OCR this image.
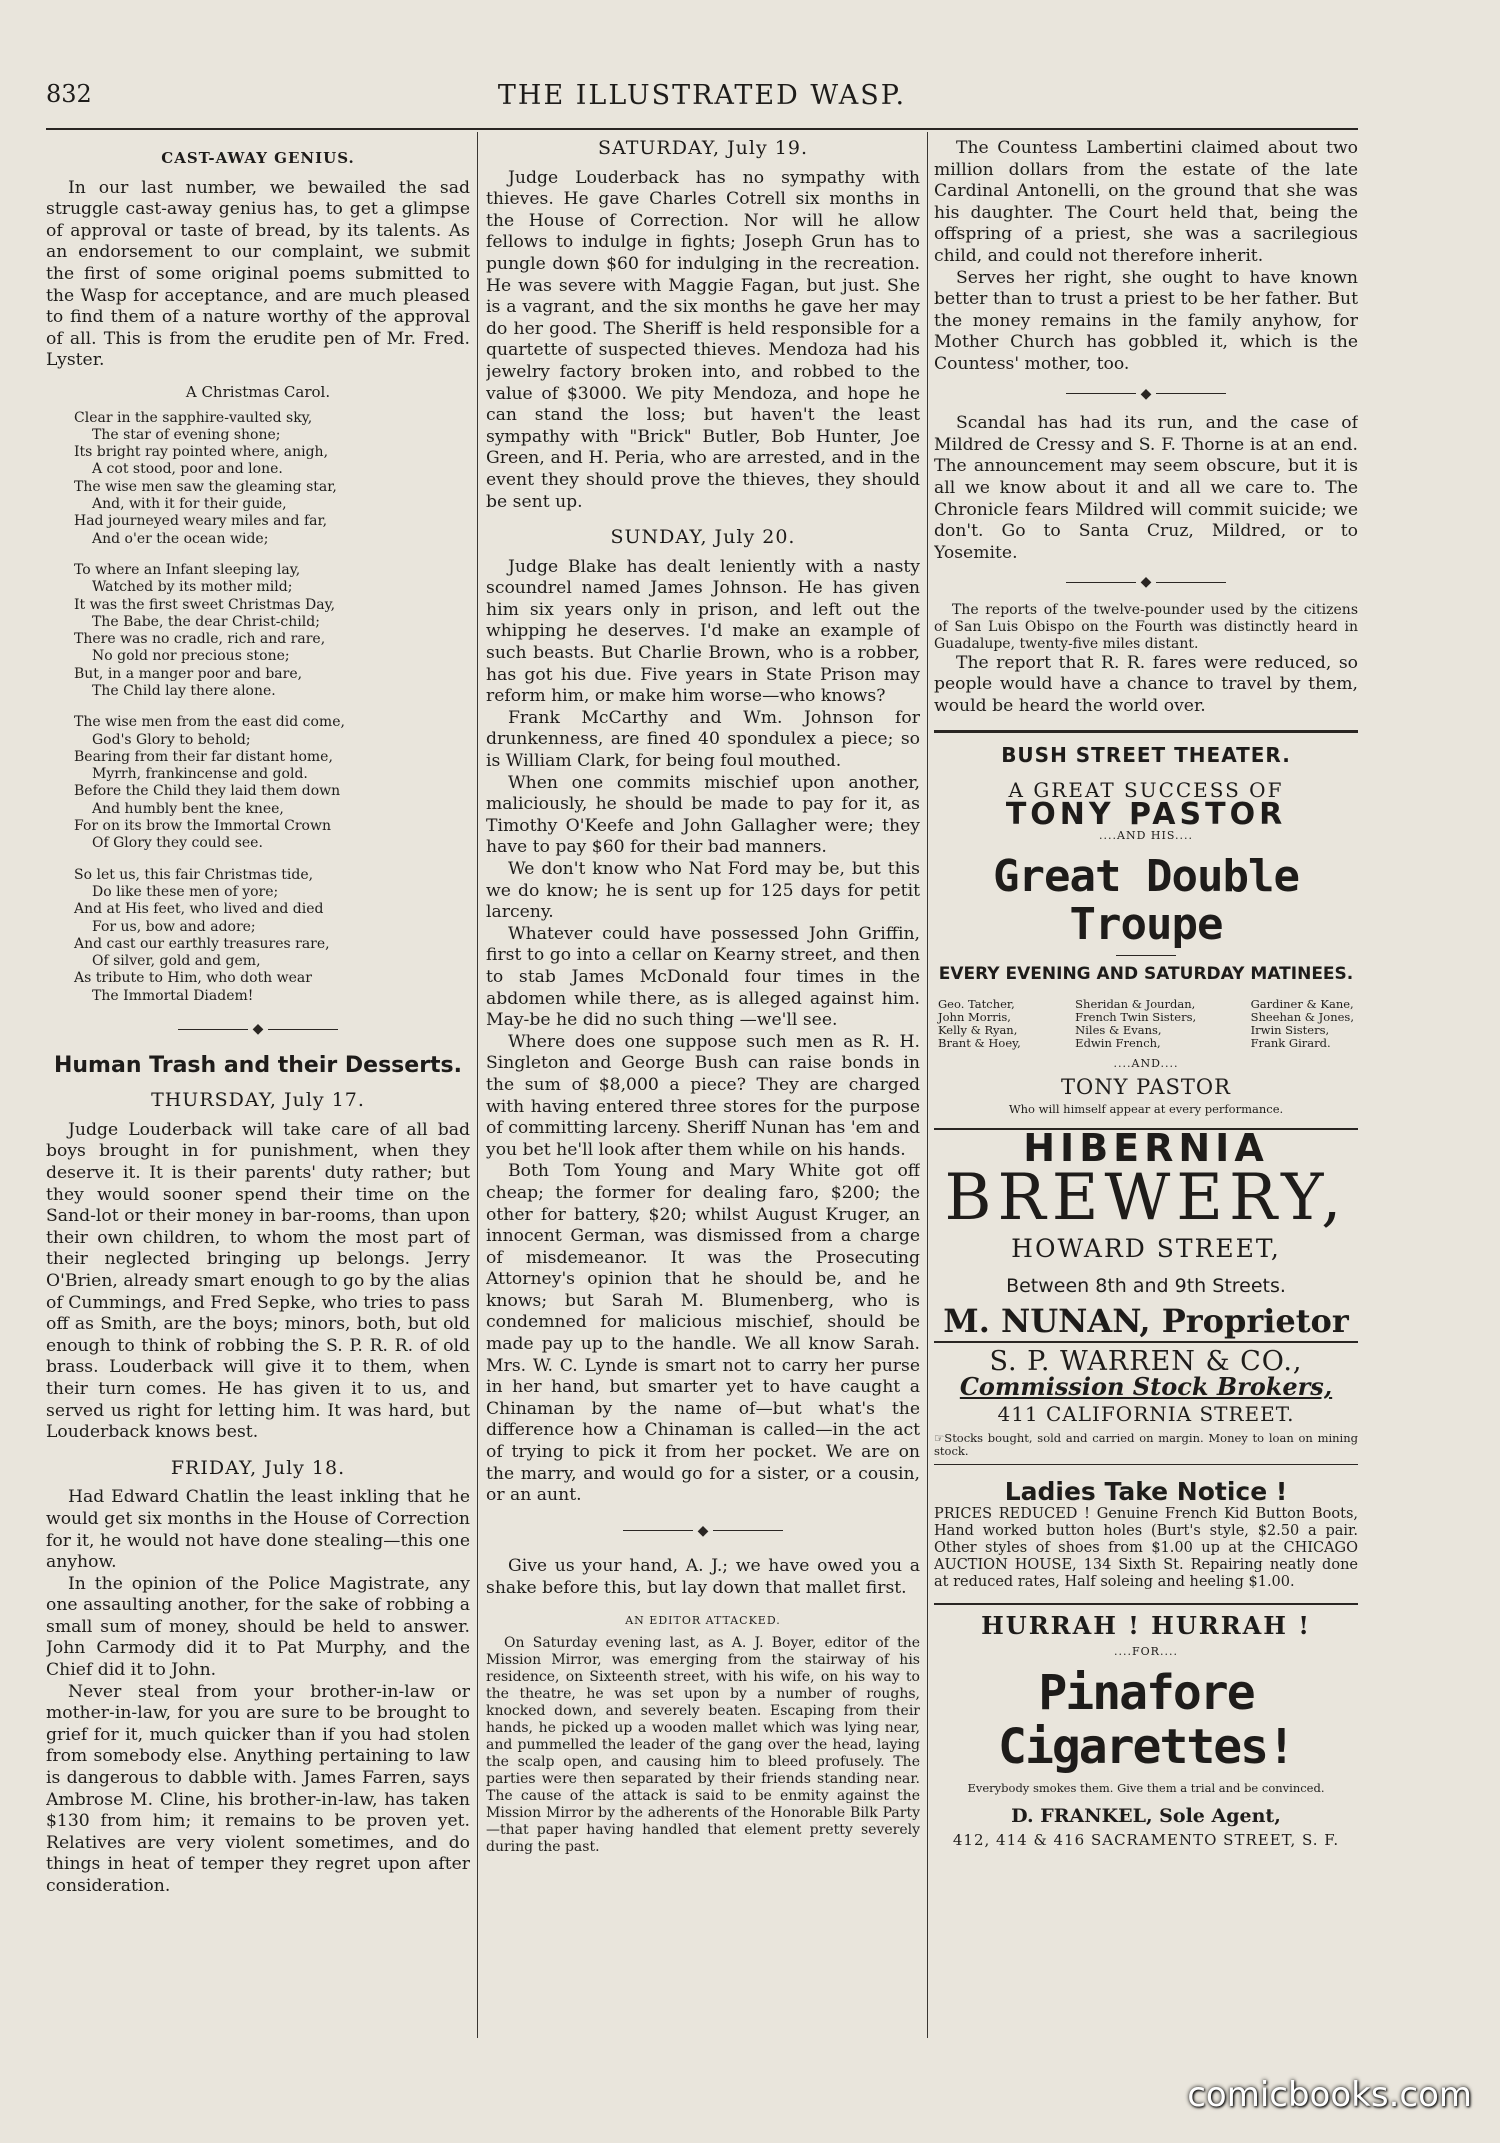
832	THE ILLUSTRATED WASP.

CAST-AWAY GENIUS.

In our last number, we bewailed the sad struggle cast-away genius has, to get a glimpse of approval or taste of bread, by its talents. As an endorsement to our complaint, we submit the first of some original poems submitted to the Wasp for acceptance, and are much pleased to find them of a nature worthy of the approval of all. This is from the erudite pen of Mr. Fred. Lyster.

A Christmas Carol.

Clear in the sapphire-vaulted sky,
The star of evening shone;
Its bright ray pointed where, anigh,
A cot stood, poor and lone.
The wise men saw the gleaming star,
And, with it for their guide,
Had journeyed weary miles and far,
And o'er the ocean wide;
To where an Infant sleeping lay,
Watched by its mother mild;
It was the first sweet Christmas Day,
The Babe, the dear Christ-child;
There was no cradle, rich and rare,
No gold nor precious stone;
But, in a manger poor and bare,
The Child lay there alone.
The wise men from the east did come,
God's Glory to behold;
Bearing from their far distant home,
Myrrh, frankincense and gold.
Before the Child they laid them down
And humbly bent the knee,
For on its brow the Immortal Crown
Of Glory they could see.
So let us, this fair Christmas tide,
Do like these men of yore;
And at His feet, who lived and died
For us, bow and adore;
And cast our earthly treasures rare,
Of silver, gold and gem,
As tribute to Him, who doth wear
The Immortal Diadem!
◆

Human Trash and their Desserts.

THURSDAY, July 17.

Judge Louderback will take care of all bad boys brought in for punishment, when they deserve it. It is their parents' duty rather; but they would sooner spend their time on the Sand-lot or their money in bar-rooms, than upon their own children, to whom the most part of their neglected bringing up belongs. Jerry O'Brien, already smart enough to go by the alias of Cummings, and Fred Sepke, who tries to pass off as Smith, are the boys; minors, both, but old enough to think of robbing the S. P. R. R. of old brass. Louderback will give it to them, when their turn comes. He has given it to us, and served us right for letting him. It was hard, but Louderback knows best.

FRIDAY, July 18.

Had Edward Chatlin the least inkling that he would get six months in the House of Correction for it, he would not have done stealing—this one anyhow.

In the opinion of the Police Magistrate, any one assaulting another, for the sake of robbing a small sum of money, should be held to answer. John Carmody did it to Pat Murphy, and the Chief did it to John.

Never steal from your brother-in-law or mother-in-law, for you are sure to be brought to grief for it, much quicker than if you had stolen from somebody else. Anything pertaining to law is dangerous to dabble with. James Farren, says Ambrose M. Cline, his brother-in-law, has taken $130 from him; it remains to be proven yet. Relatives are very violent sometimes, and do things in heat of temper they regret upon after consideration.

SATURDAY, July 19.

Judge Louderback has no sympathy with thieves. He gave Charles Cotrell six months in the House of Correction. Nor will he allow fellows to indulge in fights; Joseph Grun has to pungle down $60 for indulging in the recreation. He was severe with Maggie Fagan, but just. She is a vagrant, and the six months he gave her may do her good. The Sheriff is held responsible for a quartette of suspected thieves. Mendoza had his jewelry factory broken into, and robbed to the value of $3000. We pity Mendoza, and hope he can stand the loss; but haven't the least sympathy with "Brick" Butler, Bob Hunter, Joe Green, and H. Peria, who are arrested, and in the event they should prove the thieves, they should be sent up.

SUNDAY, July 20.

Judge Blake has dealt leniently with a nasty scoundrel named James Johnson. He has given him six years only in prison, and left out the whipping he deserves. I'd make an example of such beasts. But Charlie Brown, who is a robber, has got his due. Five years in State Prison may reform him, or make him worse—who knows?

Frank McCarthy and Wm. Johnson for drunkenness, are fined 40 spondulex a piece; so is William Clark, for being foul mouthed.

When one commits mischief upon another, maliciously, he should be made to pay for it, as Timothy O'Keefe and John Gallagher were; they have to pay $60 for their bad manners.

We don't know who Nat Ford may be, but this we do know; he is sent up for 125 days for petit larceny.

Whatever could have possessed John Griffin, first to go into a cellar on Kearny street, and then to stab James McDonald four times in the abdomen while there, as is alleged against him. May-be he did no such thing —we'll see.

Where does one suppose such men as R. H. Singleton and George Bush can raise bonds in the sum of $8,000 a piece? They are charged with having entered three stores for the purpose of committing larceny. Sheriff Nunan has 'em and you bet he'll look after them while on his hands.

Both Tom Young and Mary White got off cheap; the former for dealing faro, $200; the other for battery, $20; whilst August Kruger, an innocent German, was dismissed from a charge of misdemeanor. It was the Prosecuting Attorney's opinion that he should be, and he knows; but Sarah M. Blumenberg, who is condemned for malicious mischief, should be made pay up to the handle. We all know Sarah. Mrs. W. C. Lynde is smart not to carry her purse in her hand, but smarter yet to have caught a Chinaman by the name of—but what's the difference how a Chinaman is called—in the act of trying to pick it from her pocket. We are on the marry, and would go for a sister, or a cousin, or an aunt.

◆

Give us your hand, A. J.; we have owed you a shake before this, but lay down that mallet first.

AN EDITOR ATTACKED.

On Saturday evening last, as A. J. Boyer, editor of the Mission Mirror, was emerging from the stairway of his residence, on Sixteenth street, with his wife, on his way to the theatre, he was set upon by a number of roughs, knocked down, and severely beaten. Escaping from their hands, he picked up a wooden mallet which was lying near, and pummelled the leader of the gang over the head, laying the scalp open, and causing him to bleed profusely. The parties were then separated by their friends standing near. The cause of the attack is said to be enmity against the Mission Mirror by the adherents of the Honorable Bilk Party—that paper having handled that element pretty severely during the past.

The Countess Lambertini claimed about two million dollars from the estate of the late Cardinal Antonelli, on the ground that she was his daughter. The Court held that, being the offspring of a priest, she was a sacrilegious child, and could not therefore inherit.

Serves her right, she ought to have known better than to trust a priest to be her father. But the money remains in the family anyhow, for Mother Church has gobbled it, which is the Countess' mother, too.

◆

Scandal has had its run, and the case of Mildred de Cressy and S. F. Thorne is at an end. The announcement may seem obscure, but it is all we know about it and all we care to. The Chronicle fears Mildred will commit suicide; we don't. Go to Santa Cruz, Mildred, or to Yosemite.

◆

The reports of the twelve-pounder used by the citizens of San Luis Obispo on the Fourth was distinctly heard in Guadalupe, twenty-five miles distant.

The report that R. R. fares were reduced, so people would have a chance to travel by them, would be heard the world over.

BUSH STREET THEATER.

A GREAT SUCCESS OF

TONY PASTOR

....AND HIS....

Great Double Troupe

EVERY EVENING AND SATURDAY MATINEES.

Geo. Tatcher,
John Morris,
Kelly & Ryan,
Brant & Hoey,
Sheridan & Jourdan,
French Twin Sisters,
Niles & Evans,
Edwin French,
Gardiner & Kane,
Sheehan & Jones,
Irwin Sisters,
Frank Girard.

....AND....

TONY PASTOR

Who will himself appear at every performance.

HIBERNIA

BREWERY,

HOWARD STREET,

Between 8th and 9th Streets.

M. NUNAN, Proprietor

S. P. WARREN & CO.,

Commission Stock Brokers,

411 CALIFORNIA STREET.

☞Stocks bought, sold and carried on margin. Money to loan on mining stock.

Ladies Take Notice !

PRICES REDUCED ! Genuine French Kid Button Boots, Hand worked button holes (Burt's style, $2.50 a pair. Other styles of shoes from $1.00 up at the CHICAGO AUCTION HOUSE, 134 Sixth St. Repairing neatly done at reduced rates, Half soleing and heeling $1.00.

HURRAH ! HURRAH !

....FOR....

Pinafore Cigarettes!

Everybody smokes them. Give them a trial and be convinced.

D. FRANKEL, Sole Agent,

412, 414 & 416 SACRAMENTO STREET, S. F.

comicbooks.com
